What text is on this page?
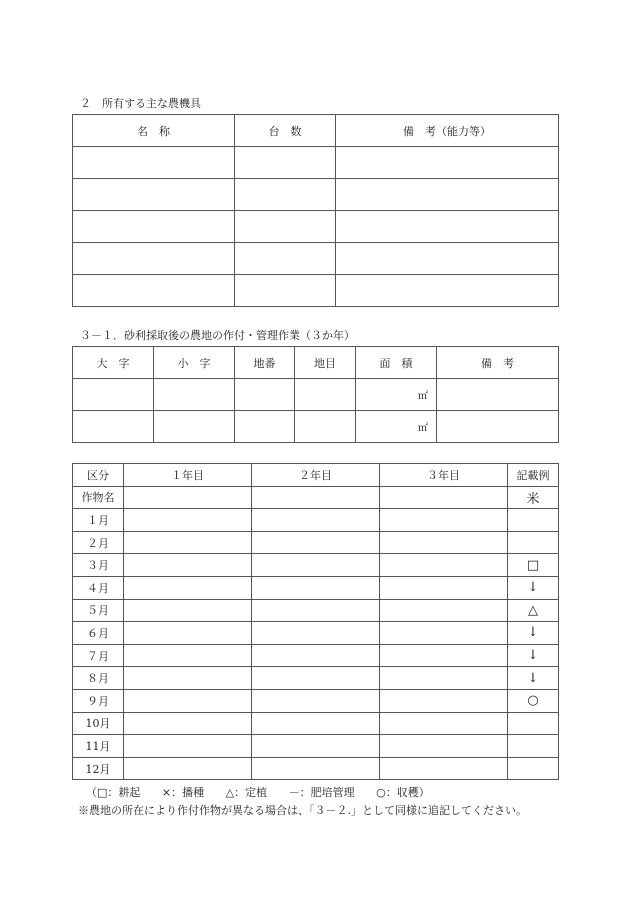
２　所有する主な農機具
名　称	台　数	備　考（能力等）

３－１．砂利採取後の農地の作付・管理作業（３か年）
大　字	小　字	地番	地目	面　積	備　考
				㎡	
				㎡	
区分	１年目	２年目	３年目	記載例
作物名				米
１月				
２月				
３月				□
４月				↓
５月				△
６月				↓
７月				↓
８月				↓
９月				○
10月				
11月				
12月				
（□：耕起 ×：播種 △：定植 －：肥培管理 ○：収穫）
※農地の所在により作付作物が異なる場合は、「３－２.」として同様に追記してください。
